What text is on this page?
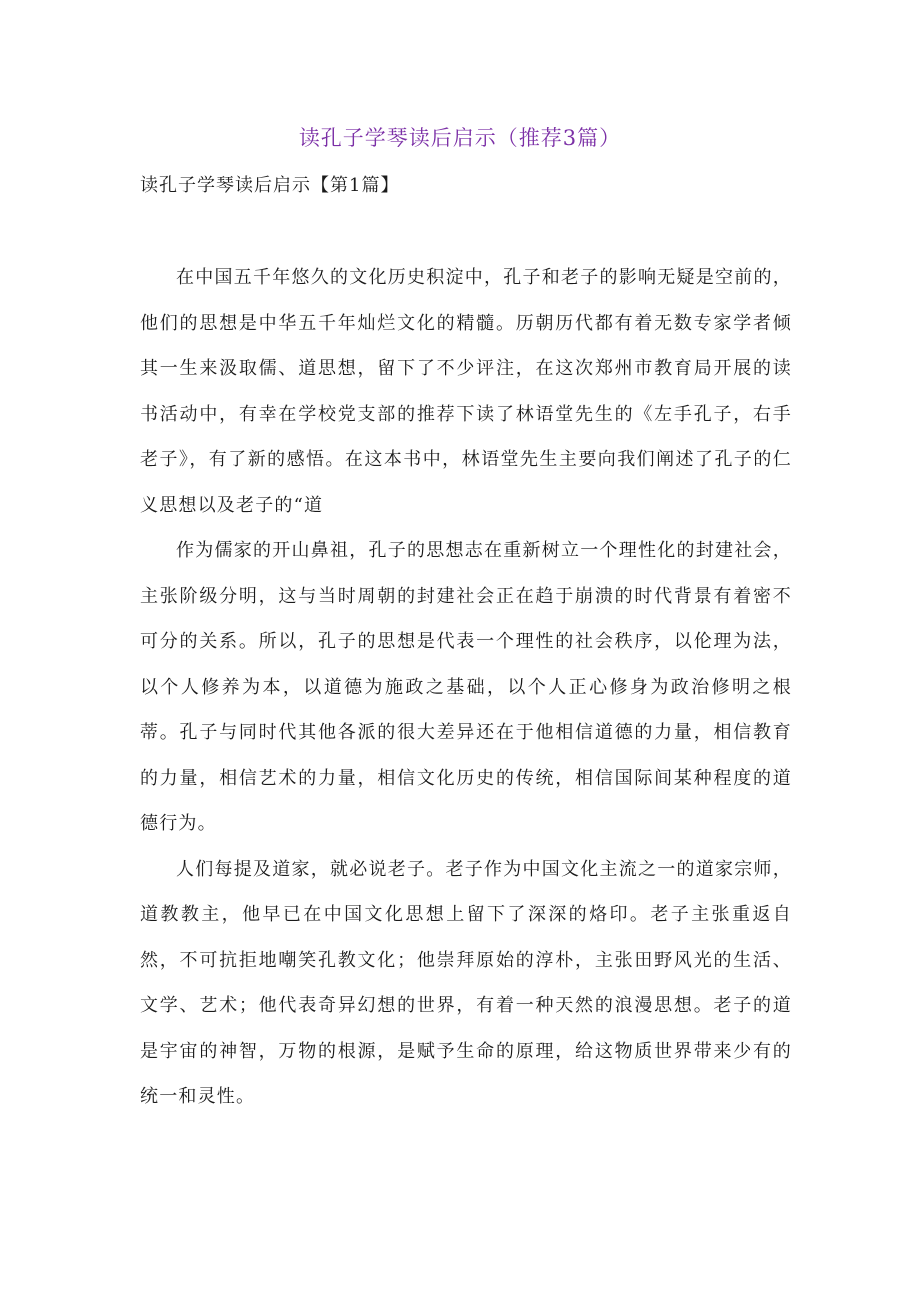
读孔子学琴读后启示（推荐3篇）
读孔子学琴读后启示【第1篇】

在中国五千年悠久的文化历史积淀中，孔子和老子的影响无疑是空前的，他们的思想是中华五千年灿烂文化的精髓。历朝历代都有着无数专家学者倾其一生来汲取儒、道思想，留下了不少评注，在这次郑州市教育局开展的读书活动中，有幸在学校党支部的推荐下读了林语堂先生的《左手孔子，右手老子》，有了新的感悟。在这本书中，林语堂先生主要向我们阐述了孔子的仁义思想以及老子的“道

作为儒家的开山鼻祖，孔子的思想志在重新树立一个理性化的封建社会，主张阶级分明，这与当时周朝的封建社会正在趋于崩溃的时代背景有着密不可分的关系。所以，孔子的思想是代表一个理性的社会秩序，以伦理为法，以个人修养为本，以道德为施政之基础，以个人正心修身为政治修明之根蒂。孔子与同时代其他各派的很大差异还在于他相信道德的力量，相信教育的力量，相信艺术的力量，相信文化历史的传统，相信国际间某种程度的道德行为。

人们每提及道家，就必说老子。老子作为中国文化主流之一的道家宗师，道教教主，他早已在中国文化思想上留下了深深的烙印。老子主张重返自然，不可抗拒地嘲笑孔教文化；他崇拜原始的淳朴，主张田野风光的生活、文学、艺术；他代表奇异幻想的世界，有着一种天然的浪漫思想。老子的道是宇宙的神智，万物的根源，是赋予生命的原理，给这物质世界带来少有的统一和灵性。
